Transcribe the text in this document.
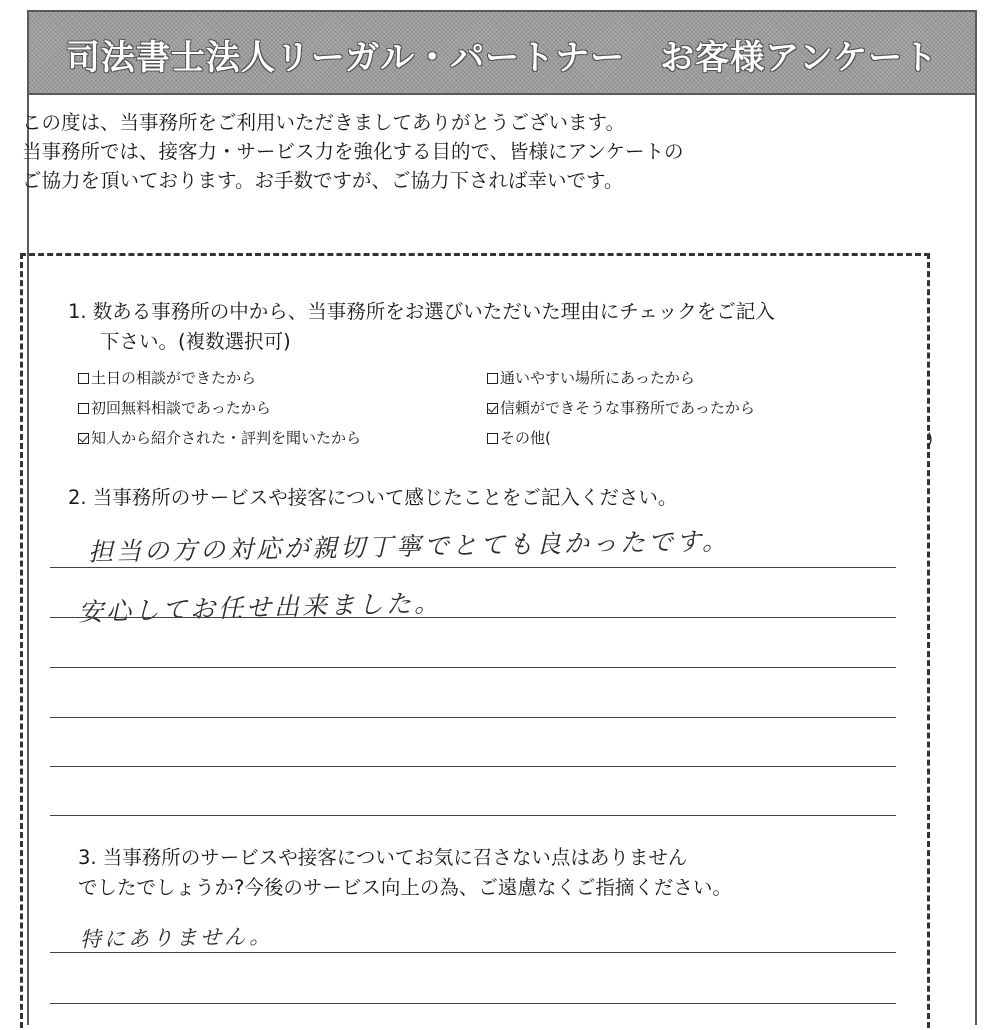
司法書士法人リーガル・パートナー　お客様アンケート
この度は、当事務所をご利用いただきましてありがとうございます。
当事務所では、接客力・サービス力を強化する目的で、皆様にアンケートの
ご協力を頂いております。お手数ですが、ご協力下されば幸いです。
1. 数ある事務所の中から、当事務所をお選びいただいた理由にチェックをご記入
下さい。(複数選択可)
土日の相談ができたから	通いやすい場所にあったから
初回無料相談であったから	信頼ができそうな事務所であったから
知人から紹介された・評判を聞いたから	その他(	)
2. 当事務所のサービスや接客について感じたことをご記入ください。
担当の方の対応が親切丁寧でとても良かったです。
安心してお任せ出来ました。
3. 当事務所のサービスや接客についてお気に召さない点はありません
でしたでしょうか?今後のサービス向上の為、ご遠慮なくご指摘ください。
特にありません。
